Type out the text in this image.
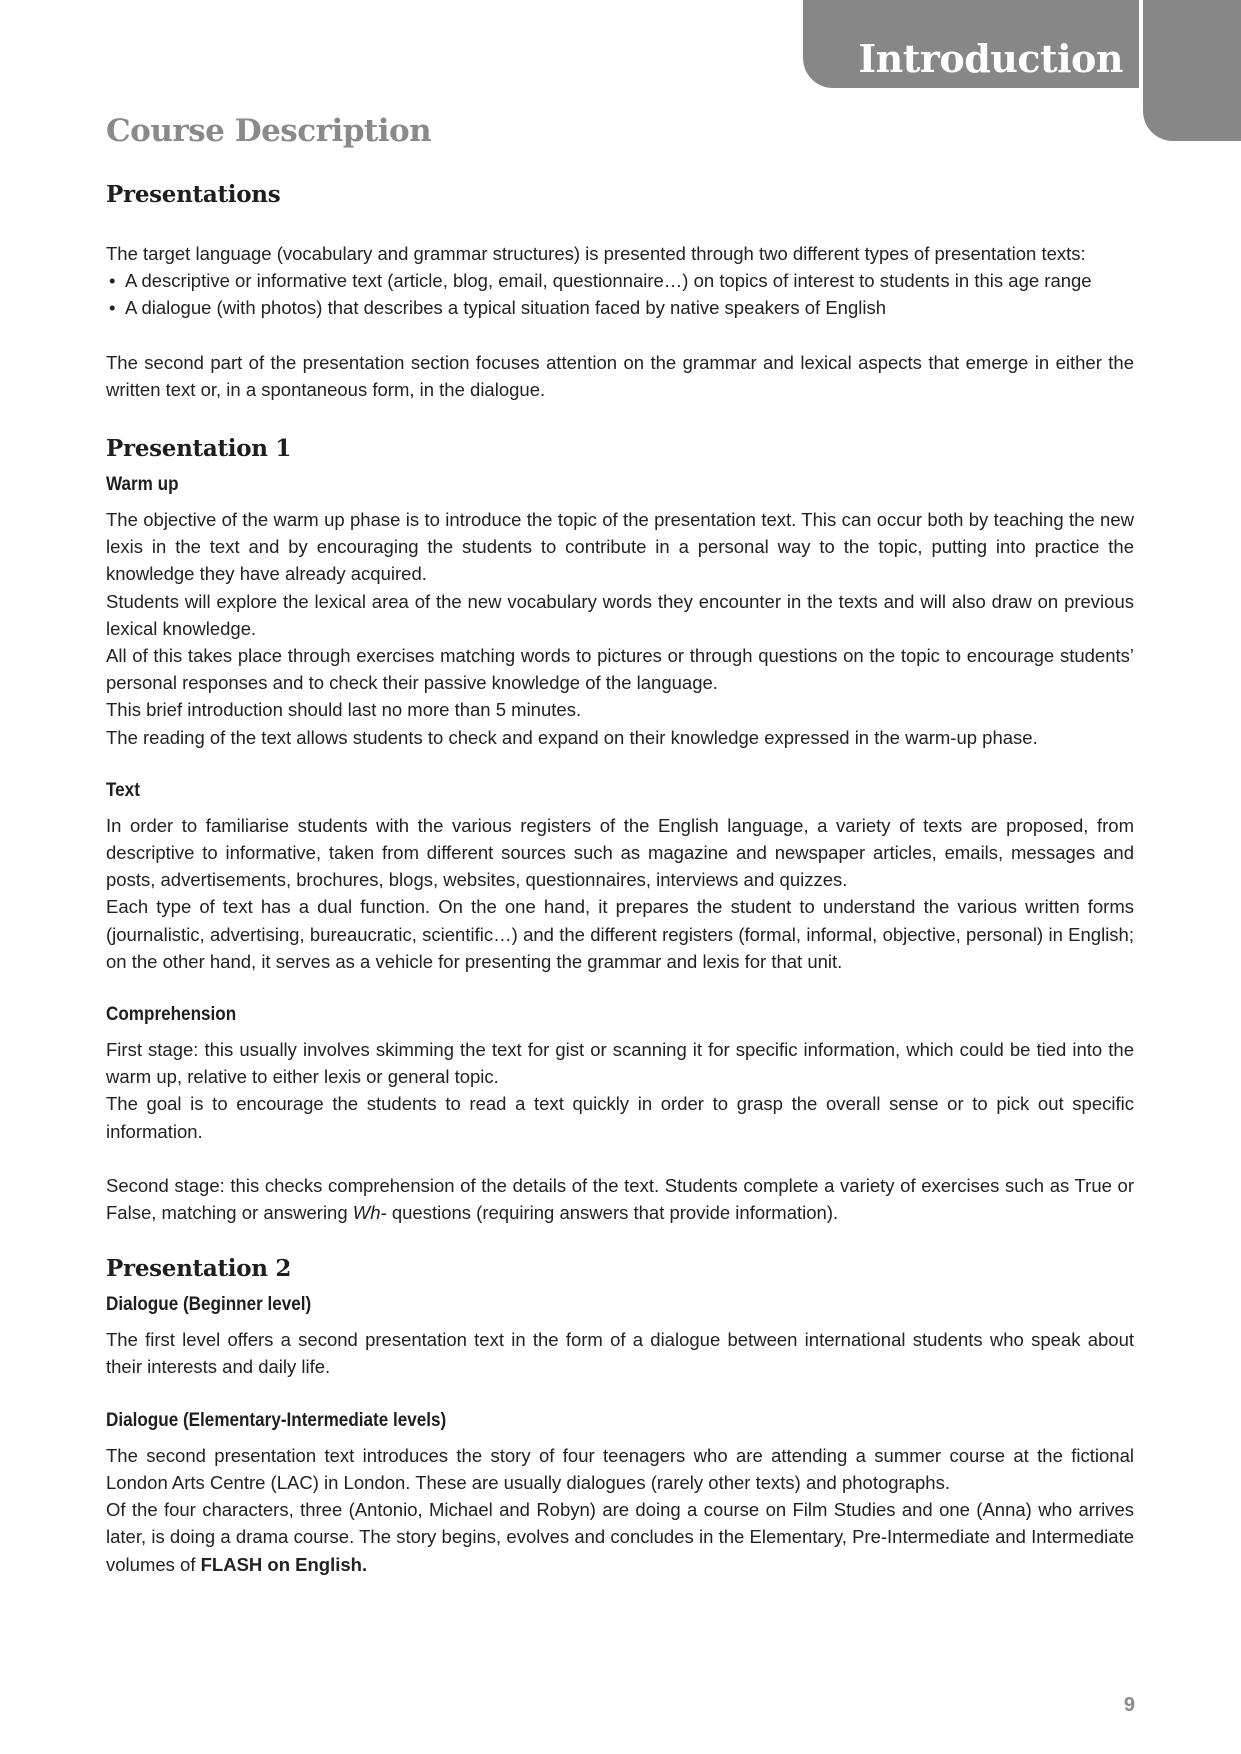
Introduction
Course Description
Presentations

The target language (vocabulary and grammar structures) is presented through two different types of presentation texts:

• A descriptive or informative text (article, blog, email, questionnaire…) on topics of interest to students in this age range
• A dialogue (with photos) that describes a typical situation faced by native speakers of English

The second part of the presentation section focuses attention on the grammar and lexical aspects that emerge in either the written text or, in a spontaneous form, in the dialogue.

Presentation 1
Warm up

The objective of the warm up phase is to introduce the topic of the presentation text. This can occur both by teaching the new lexis in the text and by encouraging the students to contribute in a personal way to the topic, putting into practice the knowledge they have already acquired.

Students will explore the lexical area of the new vocabulary words they encounter in the texts and will also draw on previous lexical knowledge.

All of this takes place through exercises matching words to pictures or through questions on the topic to encourage students’ personal responses and to check their passive knowledge of the language.

This brief introduction should last no more than 5 minutes.

The reading of the text allows students to check and expand on their knowledge expressed in the warm-up phase.

Text

In order to familiarise students with the various registers of the English language, a variety of texts are proposed, from descriptive to informative, taken from different sources such as magazine and newspaper articles, emails, messages and posts, advertisements, brochures, blogs, websites, questionnaires, interviews and quizzes.

Each type of text has a dual function. On the one hand, it prepares the student to understand the various written forms (journalistic, advertising, bureaucratic, scientific…) and the different registers (formal, informal, objective, personal) in English; on the other hand, it serves as a vehicle for presenting the grammar and lexis for that unit.

Comprehension

First stage: this usually involves skimming the text for gist or scanning it for specific information, which could be tied into the warm up, relative to either lexis or general topic.

The goal is to encourage the students to read a text quickly in order to grasp the overall sense or to pick out specific information.

Second stage: this checks comprehension of the details of the text. Students complete a variety of exercises such as True or False, matching or answering Wh- questions (requiring answers that provide information).

Presentation 2
Dialogue (Beginner level)

The first level offers a second presentation text in the form of a dialogue between international students who speak about their interests and daily life.

Dialogue (Elementary-Intermediate levels)

The second presentation text introduces the story of four teenagers who are attending a summer course at the fictional London Arts Centre (LAC) in London. These are usually dialogues (rarely other texts) and photographs.

Of the four characters, three (Antonio, Michael and Robyn) are doing a course on Film Studies and one (Anna) who arrives later, is doing a drama course. The story begins, evolves and concludes in the Elementary, Pre-Intermediate and Intermediate volumes of FLASH on English.

9
